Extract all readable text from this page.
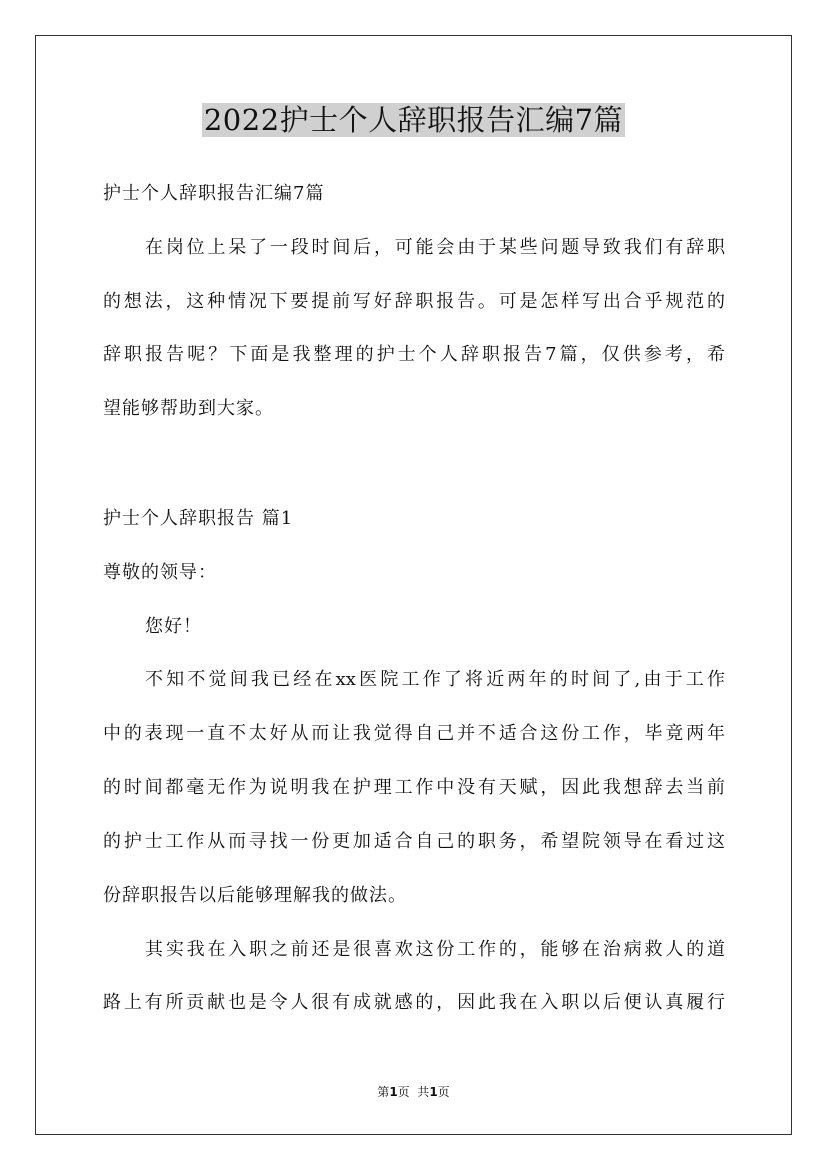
2022护士个人辞职报告汇编7篇
护士个人辞职报告汇编7篇
在岗位上呆了一段时间后，可能会由于某些问题导致我们有辞职
的想法，这种情况下要提前写好辞职报告。可是怎样写出合乎规范的
辞职报告呢？下面是我整理的护士个人辞职报告7篇，仅供参考，希
望能够帮助到大家。
护士个人辞职报告 篇1
尊敬的领导：
您好！
不知不觉间我已经在xx医院工作了将近两年的时间了,由于工作
中的表现一直不太好从而让我觉得自己并不适合这份工作，毕竟两年
的时间都毫无作为说明我在护理工作中没有天赋，因此我想辞去当前
的护士工作从而寻找一份更加适合自己的职务，希望院领导在看过这
份辞职报告以后能够理解我的做法。
其实我在入职之前还是很喜欢这份工作的，能够在治病救人的道
路上有所贡献也是令人很有成就感的，因此我在入职以后便认真履行
第1页  共1页
